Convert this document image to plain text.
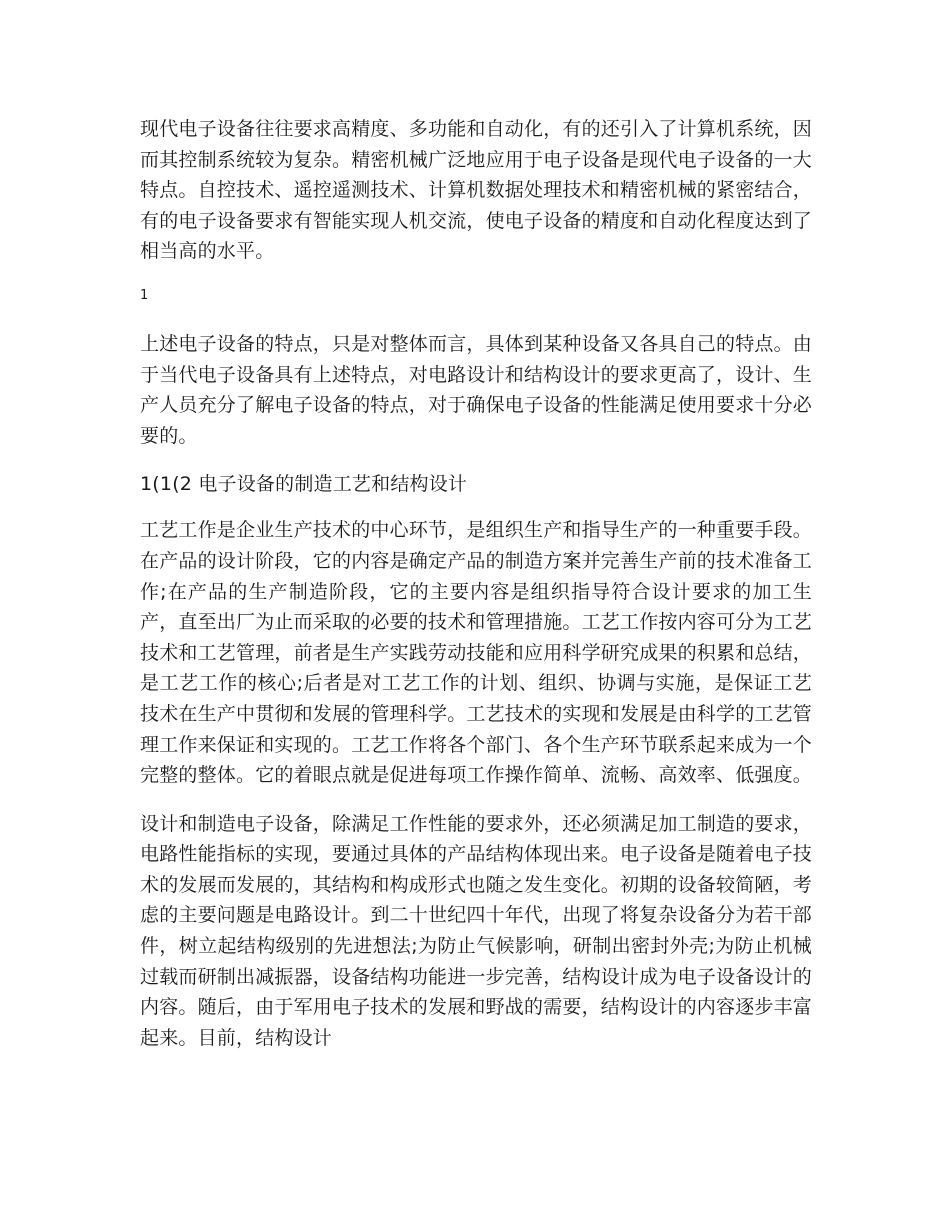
现代电子设备往往要求高精度、多功能和自动化，有的还引入了计算机系统，因而其控制系统较为复杂。精密机械广泛地应用于电子设备是现代电子设备的一大特点。自控技术、遥控遥测技术、计算机数据处理技术和精密机械的紧密结合，有的电子设备要求有智能实现人机交流，使电子设备的精度和自动化程度达到了相当高的水平。

1

上述电子设备的特点，只是对整体而言，具体到某种设备又各具自己的特点。由于当代电子设备具有上述特点，对电路设计和结构设计的要求更高了，设计、生产人员充分了解电子设备的特点，对于确保电子设备的性能满足使用要求十分必要的。

1(1(2 电子设备的制造工艺和结构设计

工艺工作是企业生产技术的中心环节，是组织生产和指导生产的一种重要手段。在产品的设计阶段，它的内容是确定产品的制造方案并完善生产前的技术准备工作;在产品的生产制造阶段，它的主要内容是组织指导符合设计要求的加工生产，直至出厂为止而采取的必要的技术和管理措施。工艺工作按内容可分为工艺技术和工艺管理，前者是生产实践劳动技能和应用科学研究成果的积累和总结，是工艺工作的核心;后者是对工艺工作的计划、组织、协调与实施，是保证工艺技术在生产中贯彻和发展的管理科学。工艺技术的实现和发展是由科学的工艺管理工作来保证和实现的。工艺工作将各个部门、各个生产环节联系起来成为一个完整的整体。它的着眼点就是促进每项工作操作简单、流畅、高效率、低强度。

设计和制造电子设备，除满足工作性能的要求外，还必须满足加工制造的要求，电路性能指标的实现，要通过具体的产品结构体现出来。电子设备是随着电子技术的发展而发展的，其结构和构成形式也随之发生变化。初期的设备较简陋，考虑的主要问题是电路设计。到二十世纪四十年代，出现了将复杂设备分为若干部件，树立起结构级别的先进想法;为防止气候影响，研制出密封外壳;为防止机械过载而研制出减振器，设备结构功能进一步完善，结构设计成为电子设备设计的内容。随后，由于军用电子技术的发展和野战的需要，结构设计的内容逐步丰富起来。目前，结构设计
